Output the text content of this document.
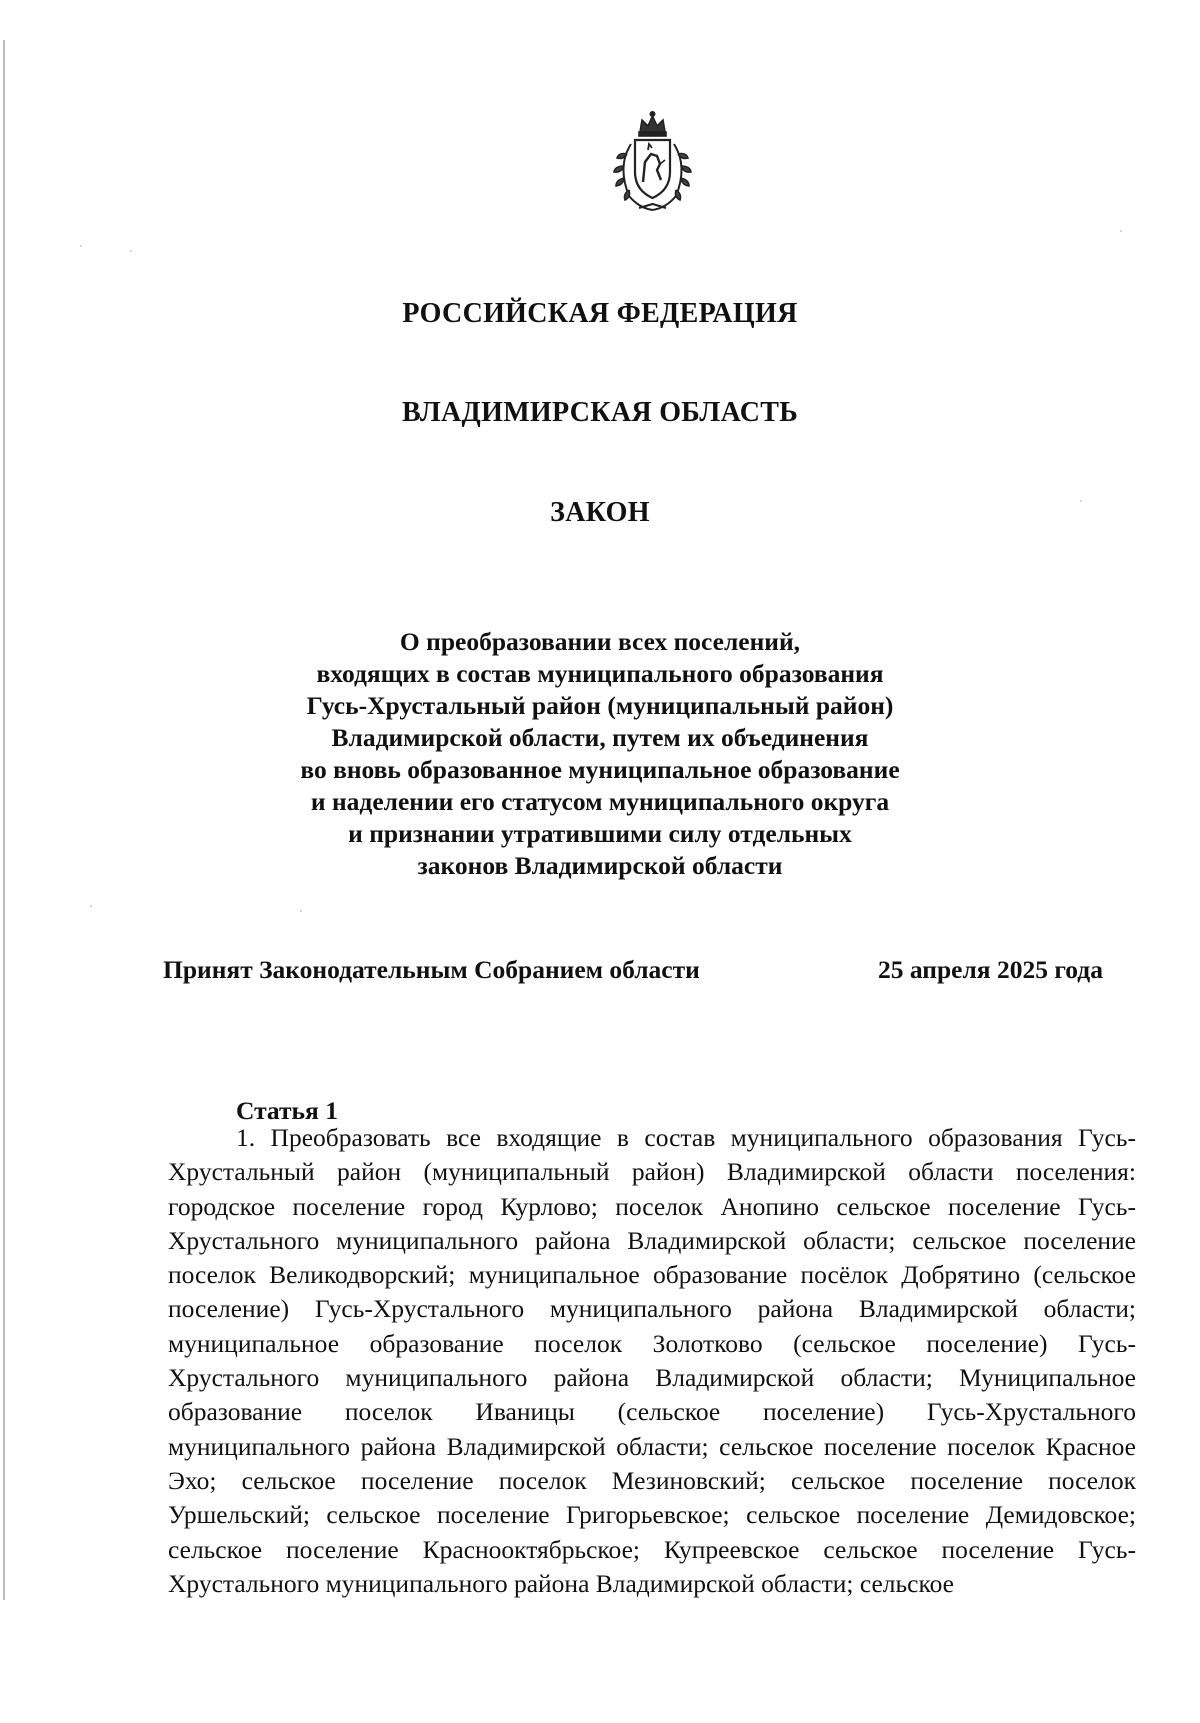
РОССИЙСКАЯ ФЕДЕРАЦИЯ
ВЛАДИМИРСКАЯ ОБЛАСТЬ
ЗАКОН
О преобразовании всех поселений,
входящих в состав муниципального образования
Гусь-Хрустальный район (муниципальный район)
Владимирской области, путем их объединения
во вновь образованное муниципальное образование
и наделении его статусом муниципального округа
и признании утратившими силу отдельных
законов Владимирской области
Принят Законодательным Собранием области	25 апреля 2025 года
Статья 1
1. Преобразовать все входящие в состав муниципального образования Гусь-Хрустальный район (муниципальный район) Владимирской области поселения: городское поселение город Курлово; поселок Анопино сельское поселение Гусь-Хрустального муниципального района Владимирской области; сельское поселение поселок Великодворский; муниципальное образование посёлок Добрятино (сельское поселение) Гусь-Хрустального муниципального района Владимирской области; муниципальное образование поселок Золотково (сельское поселение) Гусь-Хрустального муниципального района Владимирской области; Муниципальное образование поселок Иваницы (сельское поселение) Гусь-Хрустального муниципального района Владимирской области; сельское поселение поселок Красное Эхо; сельское поселение поселок Мезиновский; сельское поселение поселок Уршельский; сельское поселение Григорьевское; сельское поселение Демидовское; сельское поселение Краснооктябрьское; Купреевское сельское поселение Гусь-Хрустального муниципального района Владимирской области; сельское
